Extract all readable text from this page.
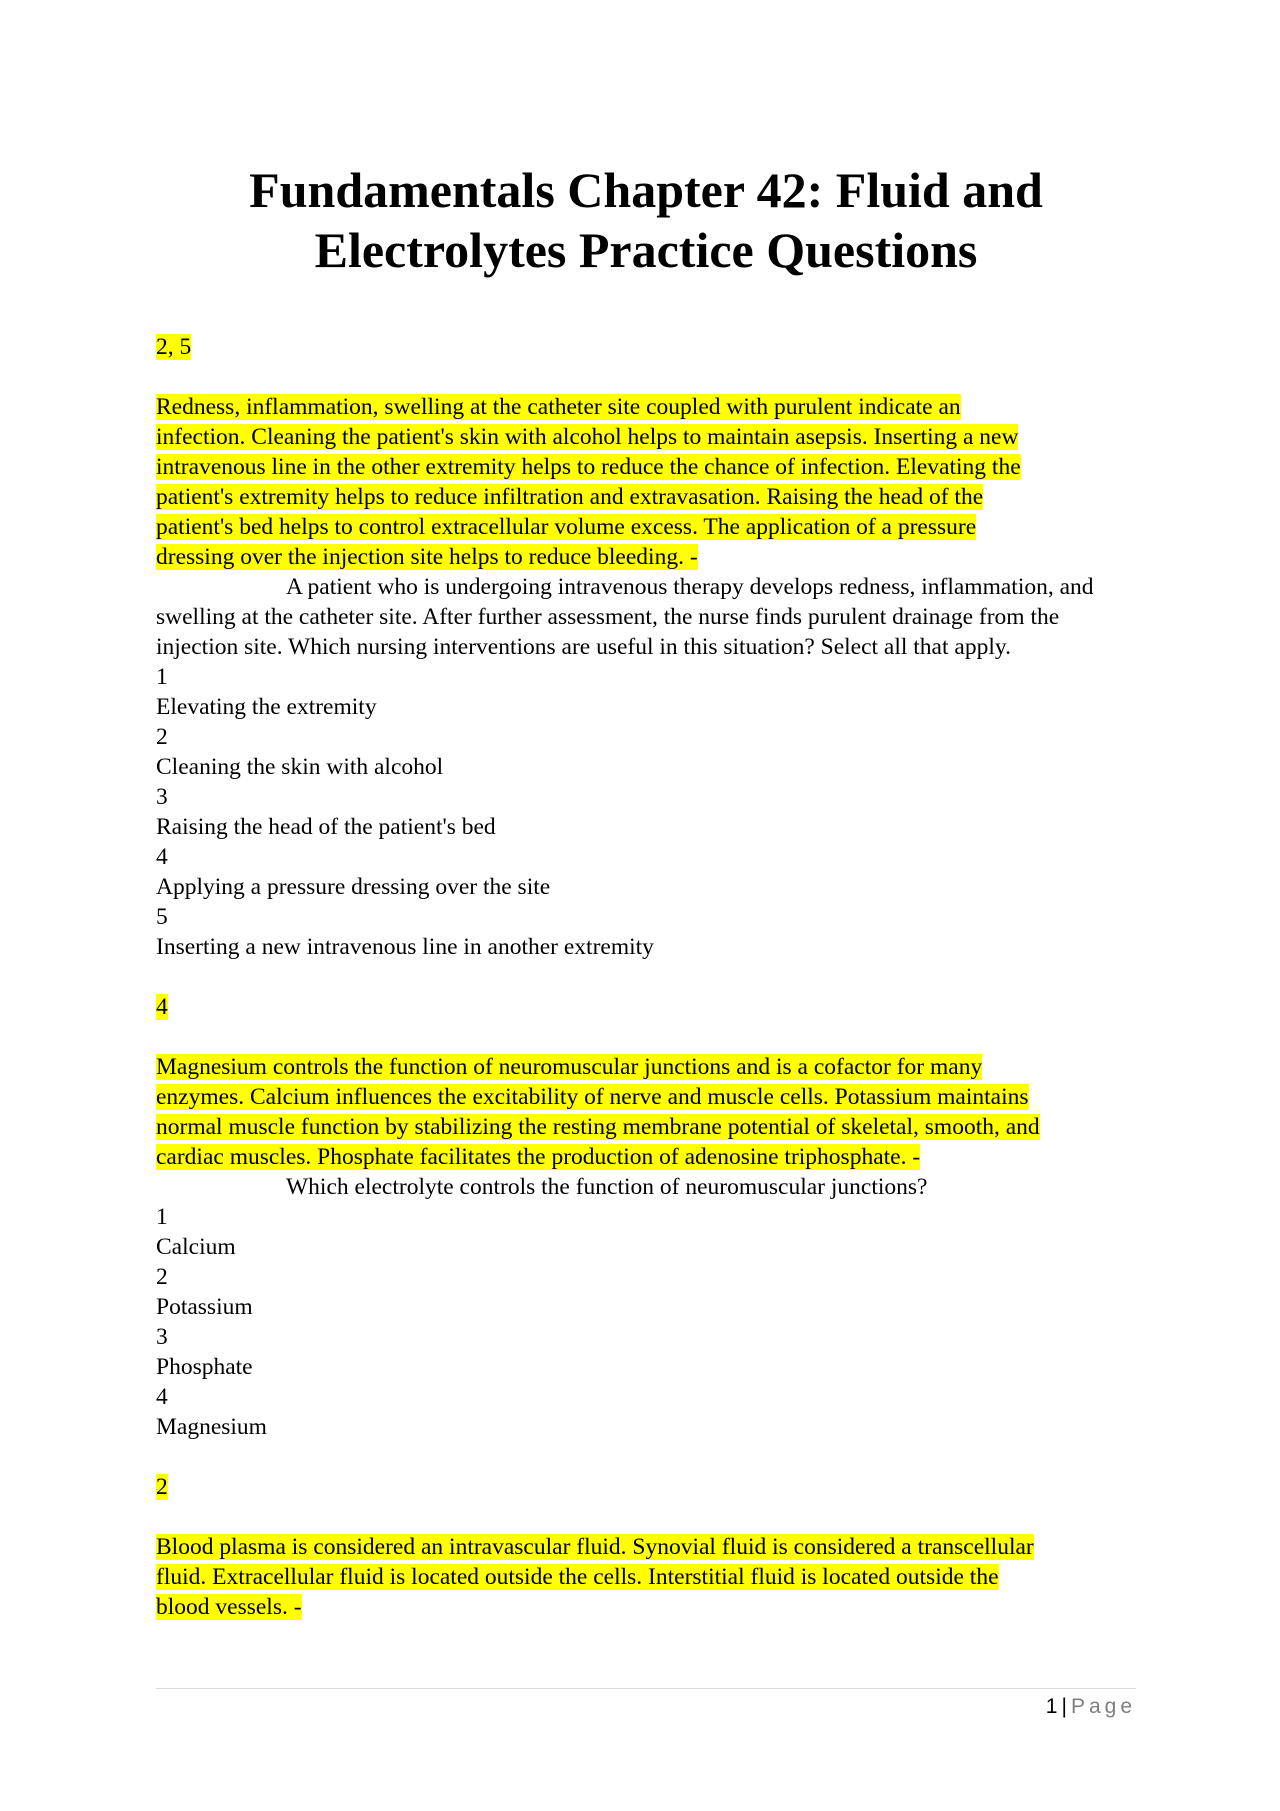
Fundamentals Chapter 42: Fluid and
Electrolytes Practice Questions

2, 5

Redness, inflammation, swelling at the catheter site coupled with purulent indicate an
infection. Cleaning the patient's skin with alcohol helps to maintain asepsis. Inserting a new
intravenous line in the other extremity helps to reduce the chance of infection. Elevating the
patient's extremity helps to reduce infiltration and extravasation. Raising the head of the
patient's bed helps to control extracellular volume excess. The application of a pressure
dressing over the injection site helps to reduce bleeding. -

A patient who is undergoing intravenous therapy develops redness, inflammation, and swelling at the catheter site. After further assessment, the nurse finds purulent drainage from the injection site. Which nursing interventions are useful in this situation? Select all that apply.

1

Elevating the extremity

2

Cleaning the skin with alcohol

3

Raising the head of the patient's bed

4

Applying a pressure dressing over the site

5

Inserting a new intravenous line in another extremity

4

Magnesium controls the function of neuromuscular junctions and is a cofactor for many
enzymes. Calcium influences the excitability of nerve and muscle cells. Potassium maintains
normal muscle function by stabilizing the resting membrane potential of skeletal, smooth, and
cardiac muscles. Phosphate facilitates the production of adenosine triphosphate. -

Which electrolyte controls the function of neuromuscular junctions?

1

Calcium

2

Potassium

3

Phosphate

4

Magnesium

2

Blood plasma is considered an intravascular fluid. Synovial fluid is considered a transcellular
fluid. Extracellular fluid is located outside the cells. Interstitial fluid is located outside the
blood vessels. -

1 | Page
